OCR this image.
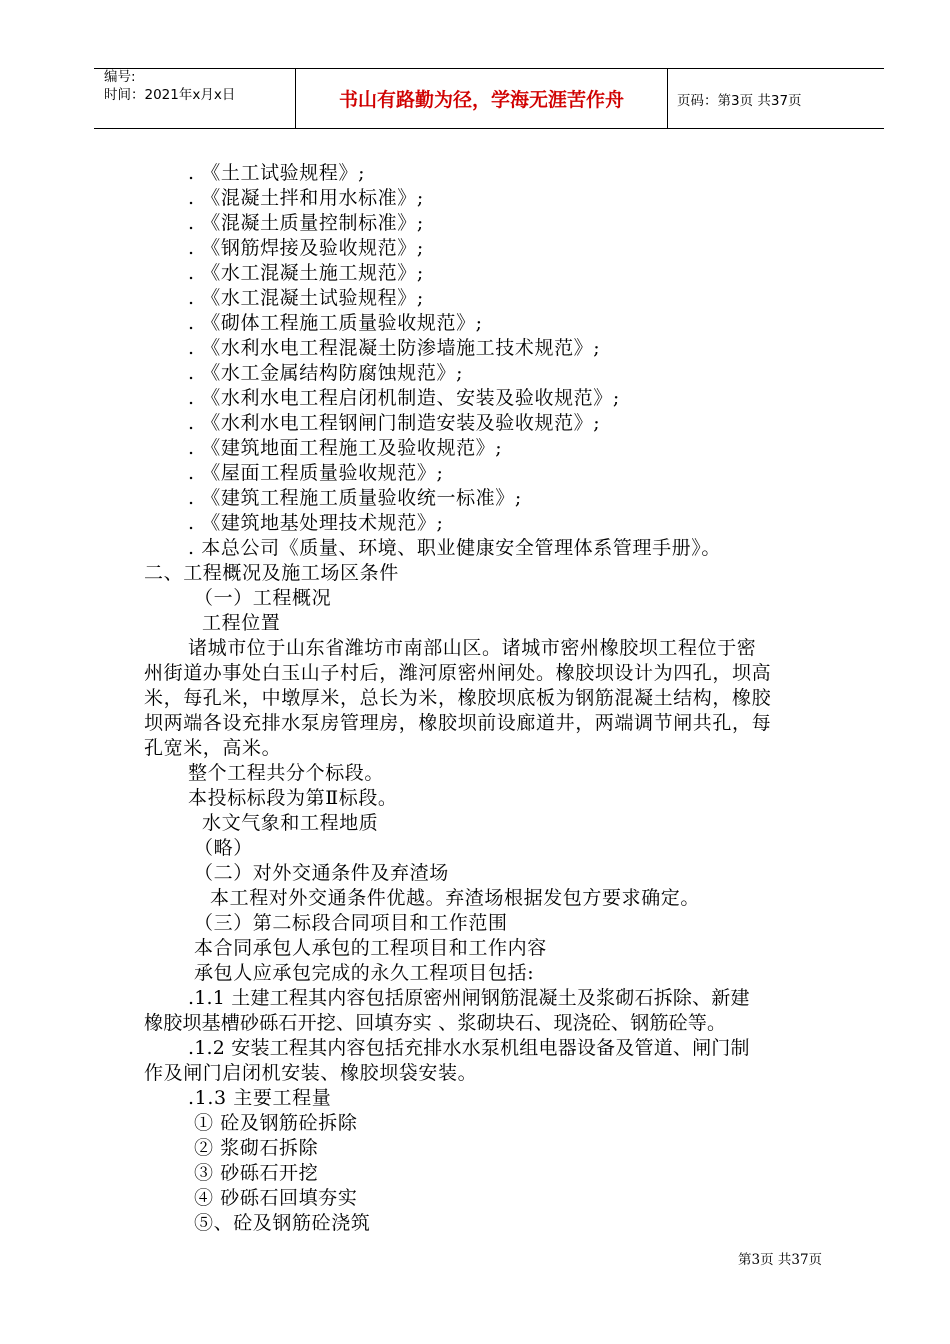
编号:
时间：2021年x月x日	书山有路勤为径，学海无涯苦作舟	页码：第3页 共37页
. 《土工试验规程》;
. 《混凝土拌和用水标准》;
. 《混凝土质量控制标准》;
. 《钢筋焊接及验收规范》;
. 《水工混凝土施工规范》;
. 《水工混凝土试验规程》;
. 《砌体工程施工质量验收规范》;
. 《水利水电工程混凝土防渗墙施工技术规范》;
. 《水工金属结构防腐蚀规范》;
. 《水利水电工程启闭机制造、安装及验收规范》;
. 《水利水电工程钢闸门制造安装及验收规范》;
. 《建筑地面工程施工及验收规范》;
. 《屋面工程质量验收规范》;
. 《建筑工程施工质量验收统一标准》;
. 《建筑地基处理技术规范》;
. 本总公司《质量、环境、职业健康安全管理体系管理手册》。
二、工程概况及施工场区条件
（一）工程概况
工程位置
诸城市位于山东省潍坊市南部山区。诸城市密州橡胶坝工程位于密
州街道办事处白玉山子村后，潍河原密州闸处。橡胶坝设计为四孔，坝高
米，每孔米，中墩厚米，总长为米，橡胶坝底板为钢筋混凝土结构，橡胶
坝两端各设充排水泵房管理房，橡胶坝前设廊道井，两端调节闸共孔，每
孔宽米，高米。
整个工程共分个标段。
本投标标段为第Ⅱ标段。
水文气象和工程地质
（略）
（二）对外交通条件及弃渣场
本工程对外交通条件优越。弃渣场根据发包方要求确定。
（三）第二标段合同项目和工作范围
本合同承包人承包的工程项目和工作内容
承包人应承包完成的永久工程项目包括:
.1.1 土建工程其内容包括原密州闸钢筋混凝土及浆砌石拆除、新建
橡胶坝基槽砂砾石开挖、回填夯实 、浆砌块石、现浇砼、钢筋砼等。
.1.2 安装工程其内容包括充排水水泵机组电器设备及管道、闸门制
作及闸门启闭机安装、橡胶坝袋安装。
.1.3 主要工程量
① 砼及钢筋砼拆除
② 浆砌石拆除
③ 砂砾石开挖
④ 砂砾石回填夯实
⑤、砼及钢筋砼浇筑
第3页 共37页
